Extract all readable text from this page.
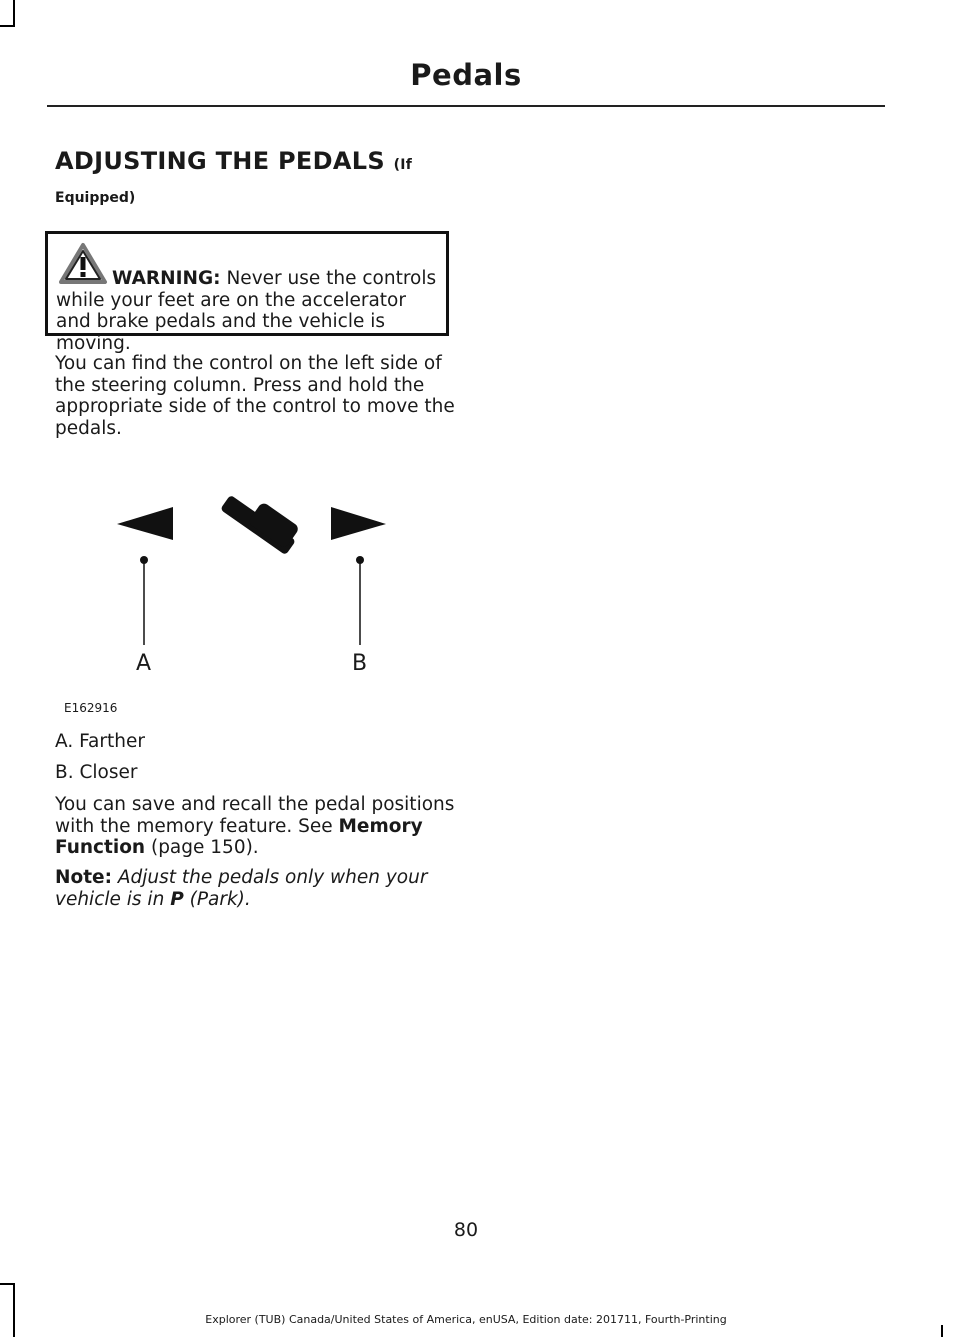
Pedals
ADJUSTING THE PEDALS (If
Equipped)
WARNING: Never use the controls while your feet are on the accelerator and brake pedals and the vehicle is moving.
You can find the control on the left side of the steering column. Press and hold the appropriate side of the control to move the pedals.
A	B
E162916
A. Farther
B. Closer
You can save and recall the pedal positions with the memory feature. See Memory Function (page 150).
Note: Adjust the pedals only when your vehicle is in P (Park).
80
Explorer (TUB) Canada/United States of America, enUSA, Edition date: 201711, Fourth-Printing
